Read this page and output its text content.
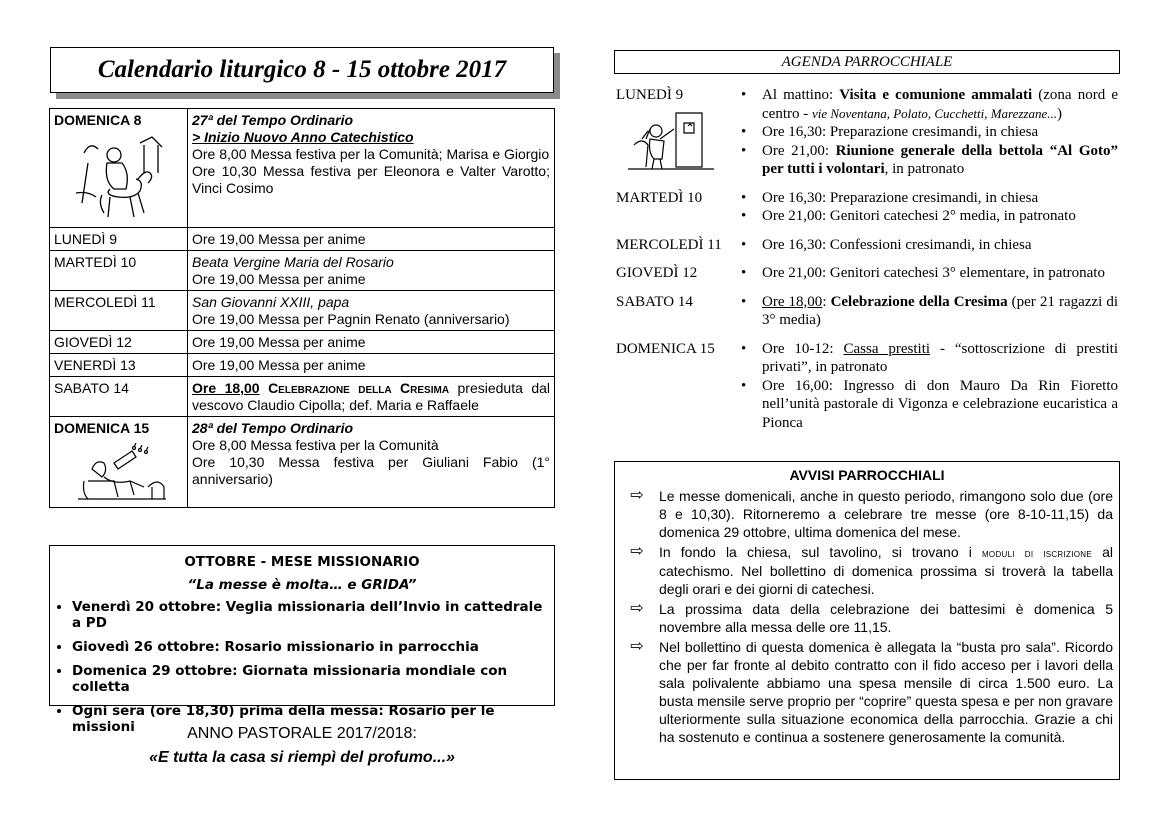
Calendario liturgico 8 - 15 ottobre 2017
DOMENICA 8	27ª del Tempo Ordinario
> Inizio Nuovo Anno Catechistico
Ore 8,00 Messa festiva per la Comunità; Marisa e Giorgio
Ore 10,30 Messa festiva per Eleonora e Valter Varotto; Vinci Cosimo

LUNEDÌ 9	Ore 19,00 Messa per anime
MARTEDÌ 10	Beata Vergine Maria del Rosario
Ore 19,00 Messa per anime

MERCOLEDÌ 11	San Giovanni XXIII, papa
Ore 19,00 Messa per Pagnin Renato (anniversario)

GIOVEDÌ 12	Ore 19,00 Messa per anime
VENERDÌ 13	Ore 19,00 Messa per anime
SABATO 14	Ore 18,00 Celebrazione della Cresima presieduta dal vescovo Claudio Cipolla; def. Maria e Raffaele
DOMENICA 15	28ª del Tempo Ordinario
Ore 8,00 Messa festiva per la Comunità
Ore 10,30 Messa festiva per Giuliani Fabio (1° anniversario)
OTTOBRE - MESE MISSIONARIO
“La messe è molta… e GRIDA”
• Venerdì 20 ottobre: Veglia missionaria dell’Invio in cattedrale a PD
• Giovedì 26 ottobre: Rosario missionario in parrocchia
• Domenica 29 ottobre: Giornata missionaria mondiale con colletta
• Ogni sera (ore 18,30) prima della messa: Rosario per le missioni	ANNO PASTORALE 2017/2018:
«E tutta la casa si riempì del profumo...»
AGENDA PARROCCHIALE
LUNEDÌ 9	• Al mattino: Visita e comunione ammalati (zona nord e centro - vie Noventana, Polato, Cucchetti, Marezzane...)
• Ore 16,30: Preparazione cresimandi, in chiesa
• Ore 21,00: Riunione generale della bettola “Al Goto” per tutti i volontari, in patronato
MARTEDÌ 10	• Ore 16,30: Preparazione cresimandi, in chiesa
• Ore 21,00: Genitori catechesi 2° media, in patronato
MERCOLEDÌ 11	• Ore 16,30: Confessioni cresimandi, in chiesa
GIOVEDÌ 12	• Ore 21,00: Genitori catechesi 3° elementare, in patronato
SABATO 14	• Ore 18,00: Celebrazione della Cresima (per 21 ragazzi di 3° media)
DOMENICA 15	• Ore 10-12: Cassa prestiti - “sottoscrizione di prestiti privati”, in patronato
• Ore 16,00: Ingresso di don Mauro Da Rin Fioretto nell’unità pastorale di Vigonza e celebrazione eucaristica a Pionca
AVVISI PARROCCHIALI
⇨	Le messe domenicali, anche in questo periodo, rimangono solo due (ore 8 e 10,30). Ritorneremo a celebrare tre messe (ore 8-10-11,15) da domenica 29 ottobre, ultima domenica del mese.
⇨	In fondo la chiesa, sul tavolino, si trovano i moduli di iscrizione al catechismo. Nel bollettino di domenica prossima si troverà la tabella degli orari e dei giorni di catechesi.
⇨	La prossima data della celebrazione dei battesimi è domenica 5 novembre alla messa delle ore 11,15.
⇨	Nel bollettino di questa domenica è allegata la “busta pro sala”. Ricordo che per far fronte al debito contratto con il fido acceso per i lavori della sala polivalente abbiamo una spesa mensile di circa 1.500 euro. La busta mensile serve proprio per “coprire” questa spesa e per non gravare ulteriormente sulla situazione economica della parrocchia. Grazie a chi ha sostenuto e continua a sostenere generosamente la comunità.
